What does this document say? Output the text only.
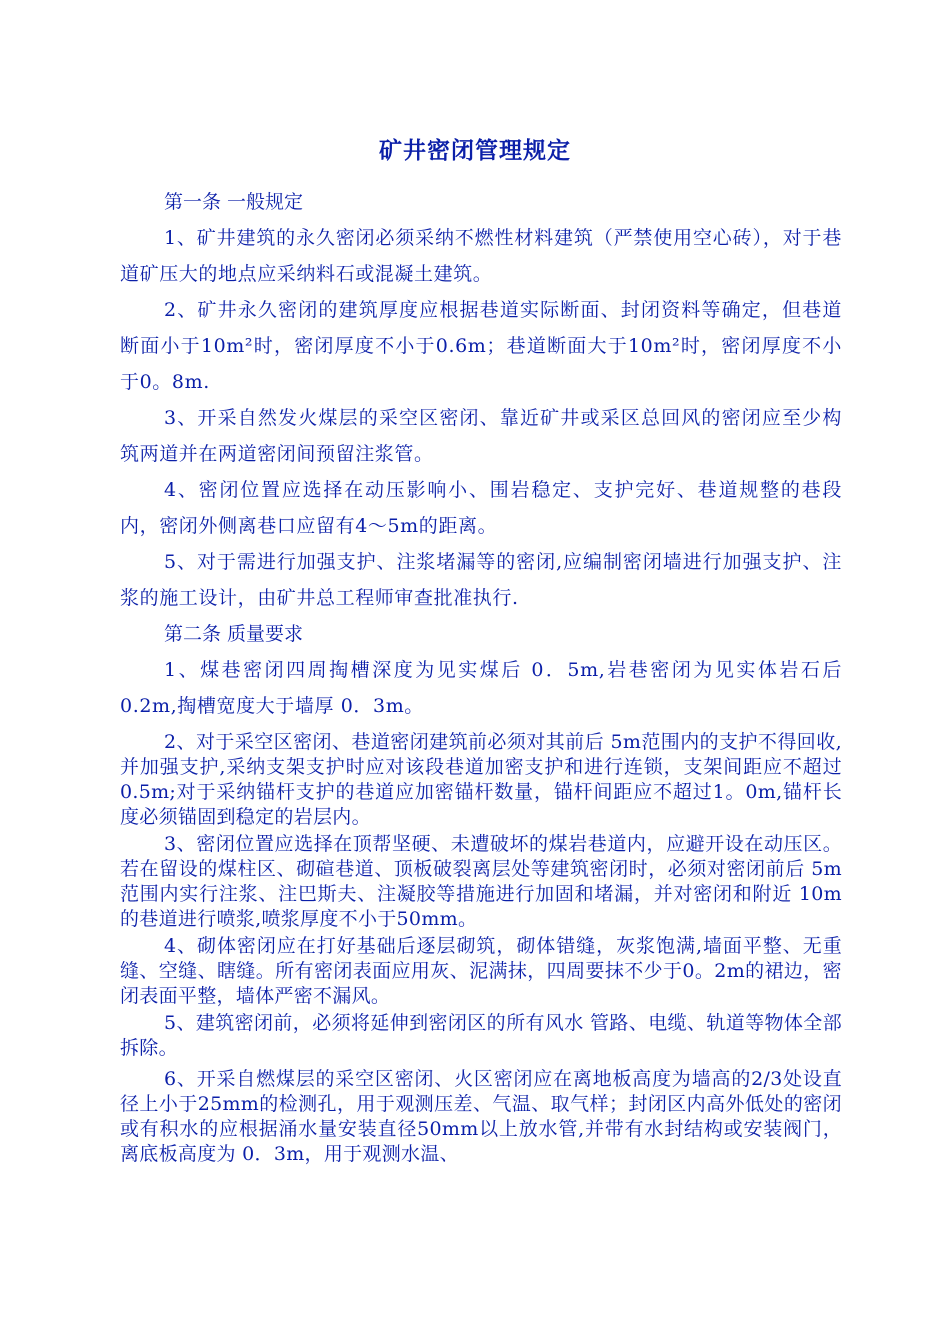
矿井密闭管理规定

第一条 一般规定

1、矿井建筑的永久密闭必须采纳不燃性材料建筑（严禁使用空心砖），对于巷道矿压大的地点应采纳料石或混凝土建筑。

2、矿井永久密闭的建筑厚度应根据巷道实际断面、封闭资料等确定，但巷道断面小于10m²时，密闭厚度不小于0.6m；巷道断面大于10m²时，密闭厚度不小于0。8m.

3、开采自然发火煤层的采空区密闭、靠近矿井或采区总回风的密闭应至少构筑两道并在两道密闭间预留注浆管。

4、密闭位置应选择在动压影响小、围岩稳定、支护完好、巷道规整的巷段内，密闭外侧离巷口应留有4～5m的距离。

5、对于需进行加强支护、注浆堵漏等的密闭,应编制密闭墙进行加强支护、注浆的施工设计，由矿井总工程师审查批准执行.

第二条 质量要求

1、煤巷密闭四周掏槽深度为见实煤后 0．5m,岩巷密闭为见实体岩石后 0.2m,掏槽宽度大于墙厚 0．3m。

2、对于采空区密闭、巷道密闭建筑前必须对其前后 5m范围内的支护不得回收,并加强支护,采纳支架支护时应对该段巷道加密支护和进行连锁，支架间距应不超过0.5m;对于采纳锚杆支护的巷道应加密锚杆数量，锚杆间距应不超过1。0m,锚杆长度必须锚固到稳定的岩层内。

3、密闭位置应选择在顶帮坚硬、未遭破坏的煤岩巷道内，应避开设在动压区。若在留设的煤柱区、砌碹巷道、顶板破裂离层处等建筑密闭时，必须对密闭前后 5m范围内实行注浆、注巴斯夫、注凝胶等措施进行加固和堵漏，并对密闭和附近 10m的巷道进行喷浆,喷浆厚度不小于50mm。

4、砌体密闭应在打好基础后逐层砌筑，砌体错缝，灰浆饱满,墙面平整、无重缝、空缝、瞎缝。所有密闭表面应用灰、泥满抹，四周要抹不少于0。2m的裙边，密闭表面平整，墙体严密不漏风。

5、建筑密闭前，必须将延伸到密闭区的所有风水 管路、电缆、轨道等物体全部拆除。

6、开采自燃煤层的采空区密闭、火区密闭应在离地板高度为墙高的2/3处设直径上小于25mm的检测孔，用于观测压差、气温、取气样；封闭区内高外低处的密闭或有积水的应根据涌水量安装直径50mm以上放水管,并带有水封结构或安装阀门，离底板高度为 0．3m，用于观测水温、
